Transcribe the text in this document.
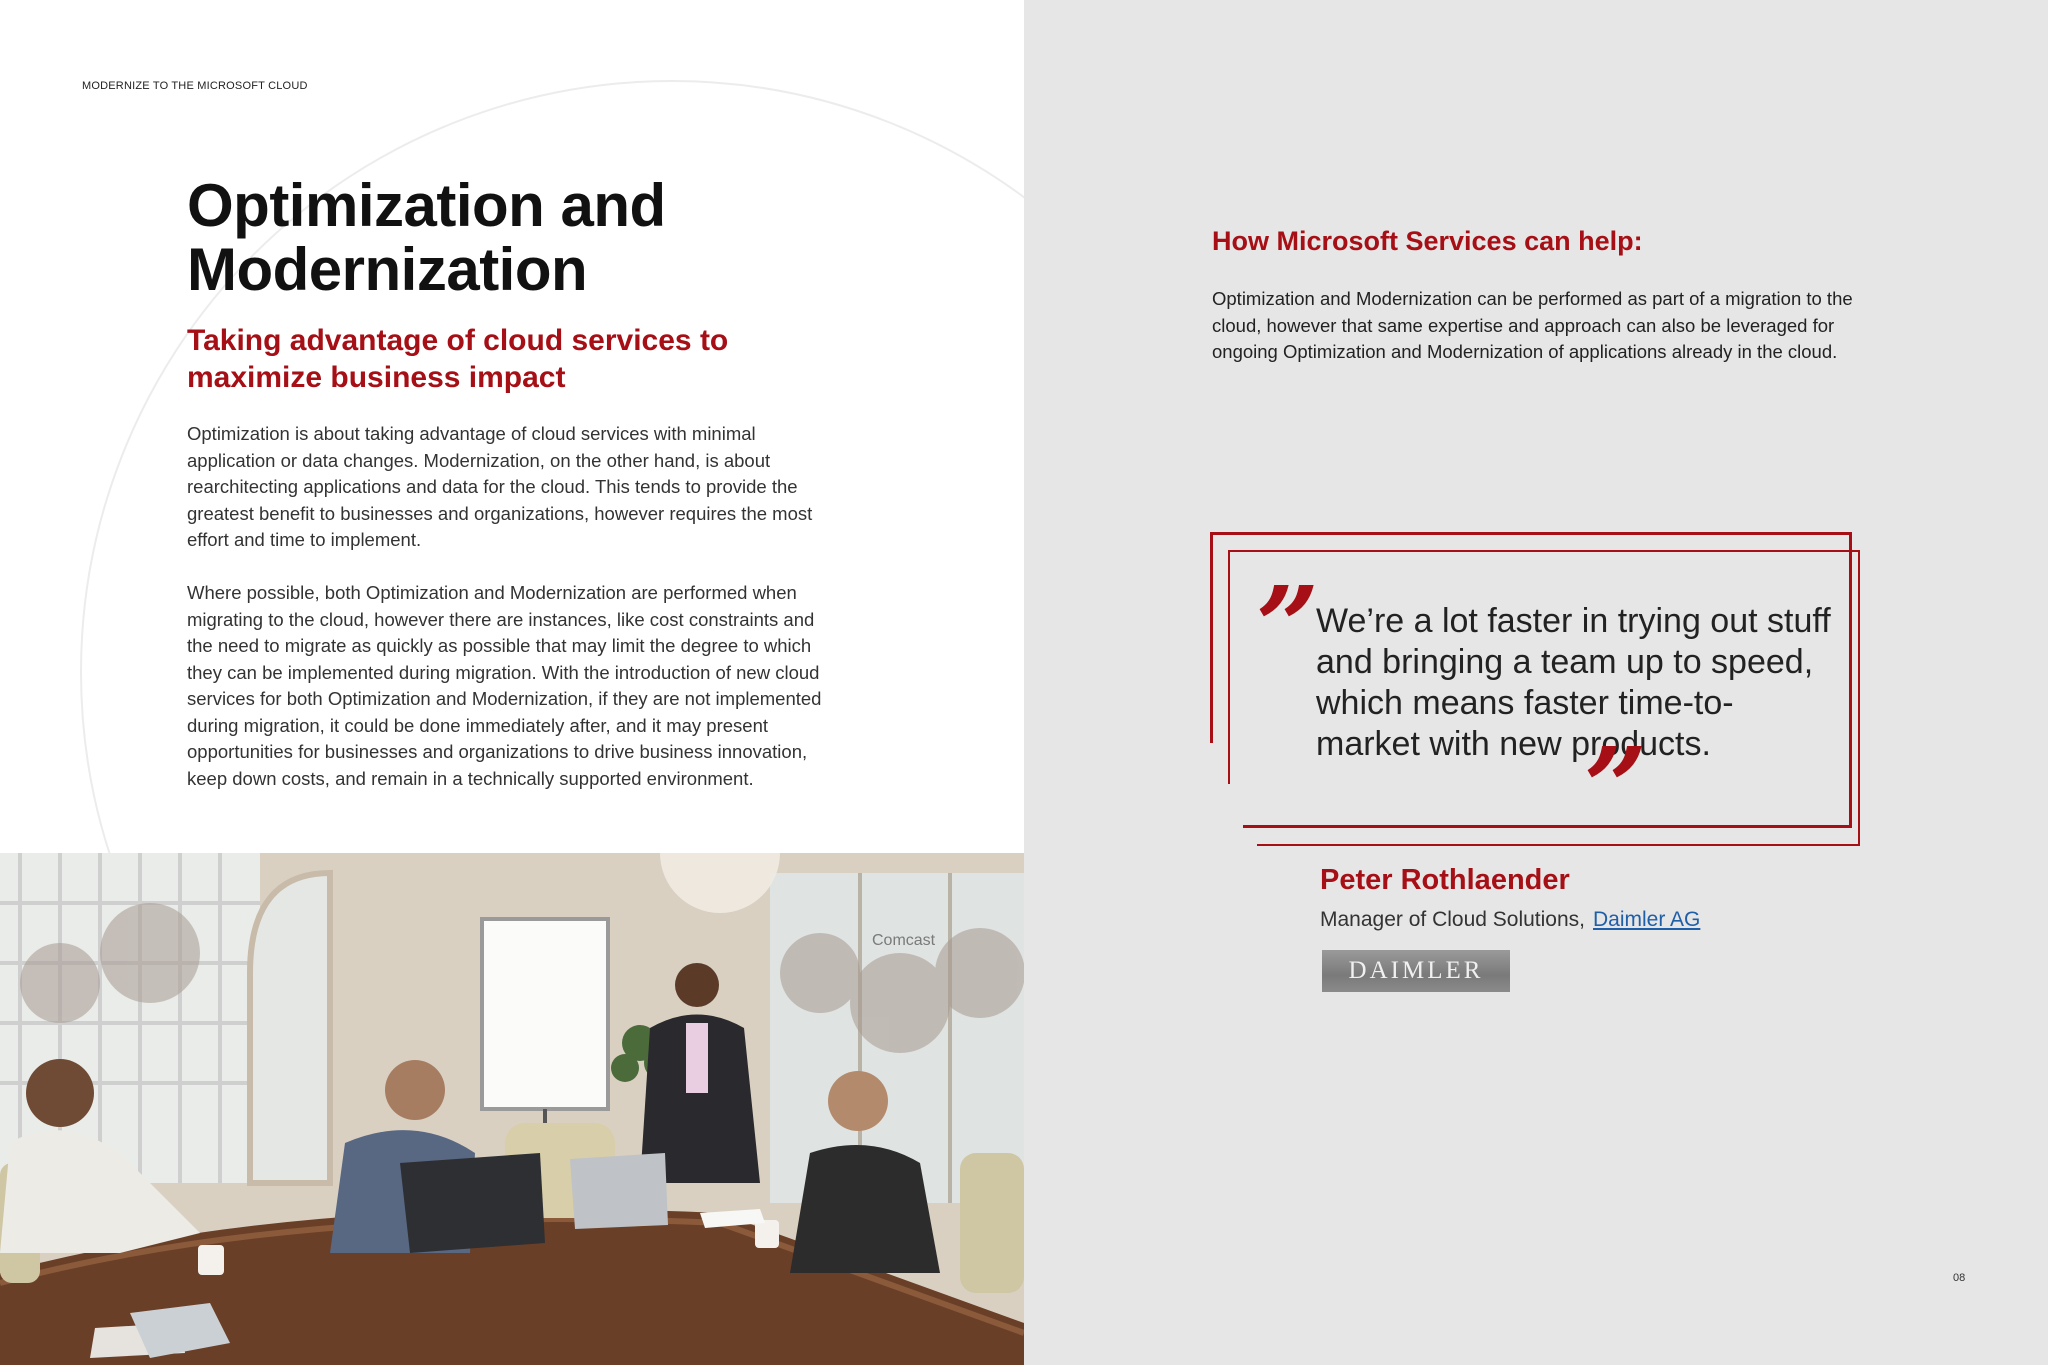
MODERNIZE TO THE MICROSOFT CLOUD
Optimization and Modernization
Taking advantage of cloud services to maximize business impact

Optimization is about taking advantage of cloud services with minimal application or data changes. Modernization, on the other hand, is about rearchitecting applications and data for the cloud. This tends to provide the greatest benefit to businesses and organizations, however requires the most effort and time to implement.

Where possible, both Optimization and Modernization are performed when migrating to the cloud, however there are instances, like cost constraints and the need to migrate as quickly as possible that may limit the degree to which they can be implemented during migration. With the introduction of new cloud services for both Optimization and Modernization, if they are not implemented during migration, it could be done immediately after, and it may present opportunities for businesses and organizations to drive business innovation, keep down costs, and remain in a technically supported environment.

Comcast
How Microsoft Services can help:

Optimization and Modernization can be performed as part of a migration to the cloud, however that same expertise and approach can also be leveraged for ongoing Optimization and Modernization of applications already in the cloud.

”

We’re a lot faster in trying out stuff and bringing a team up to speed, which means faster time-to-market with new products.

”
Peter Rothlaender
Manager of Cloud Solutions, Daimler AG
DAIMLER
08
